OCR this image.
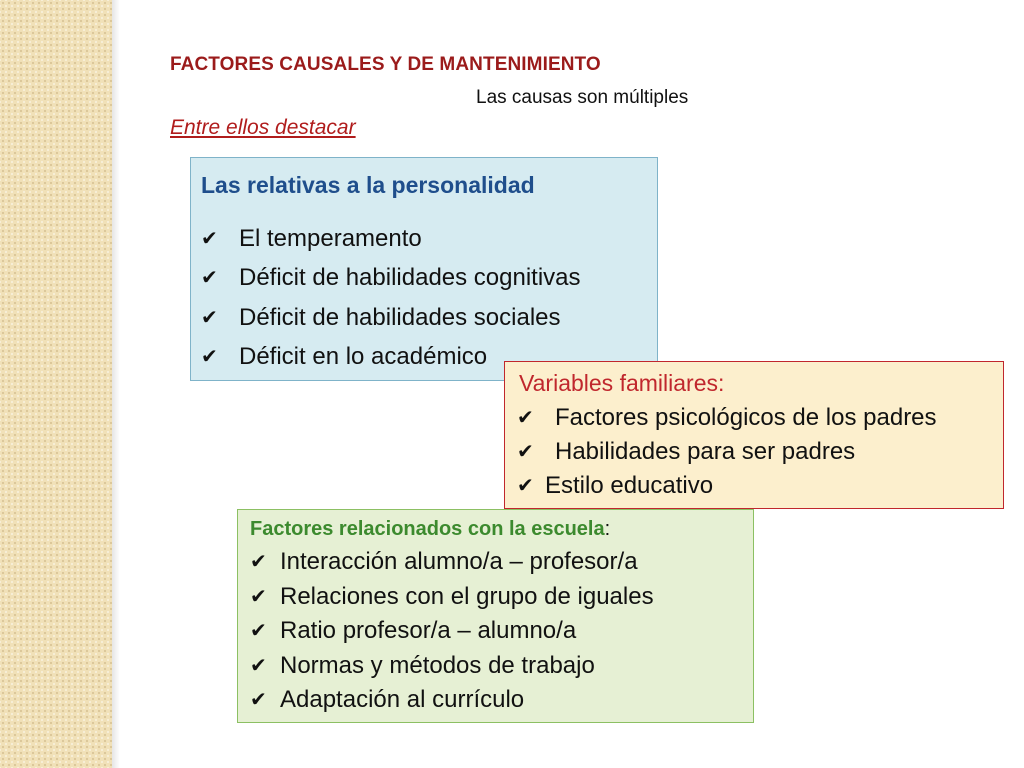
FACTORES CAUSALES Y DE MANTENIMIENTO
Las causas son múltiples
Entre ellos destacar
Las relativas a la personalidad
✔ El temperamento
✔ Déficit de habilidades cognitivas
✔ Déficit de habilidades sociales
✔ Déficit en lo académico
Variables familiares:
✔ Factores psicológicos de los padres
✔ Habilidades para ser padres
✔ Estilo educativo
Factores relacionados con la escuela:
✔ Interacción alumno/a – profesor/a
✔ Relaciones con el grupo de iguales
✔ Ratio profesor/a – alumno/a
✔ Normas y métodos de trabajo
✔ Adaptación al currículo
